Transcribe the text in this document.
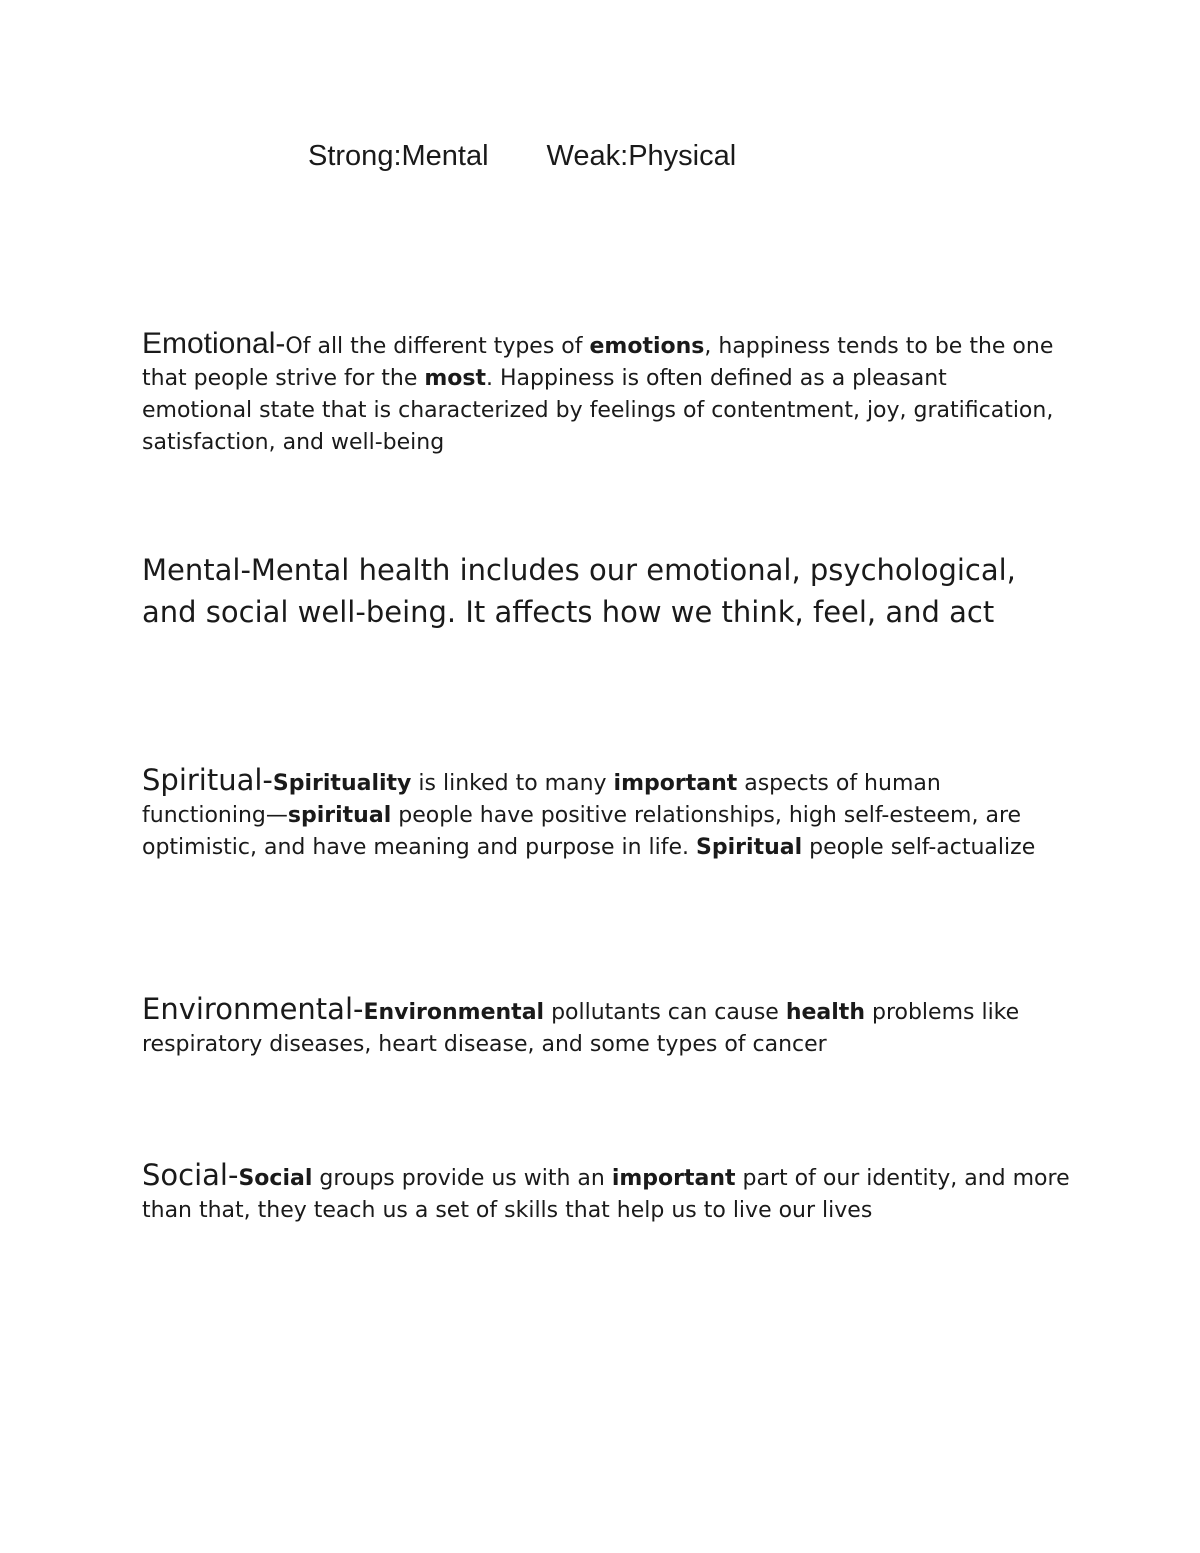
Strong:Mental Weak:Physical
Emotional-Of all the different types of emotions, happiness tends to be the one that people strive for the most. Happiness is often defined as a pleasant emotional state that is characterized by feelings of contentment, joy, gratification, satisfaction, and well-being
Mental-Mental health includes our emotional, psychological, and social well-being. It affects how we think, feel, and act
Spiritual-Spirituality is linked to many important aspects of human functioning—spiritual people have positive relationships, high self-esteem, are optimistic, and have meaning and purpose in life. Spiritual people self-actualize
Environmental-Environmental pollutants can cause health problems like respiratory diseases, heart disease, and some types of cancer
Social-Social groups provide us with an important part of our identity, and more than that, they teach us a set of skills that help us to live our lives
